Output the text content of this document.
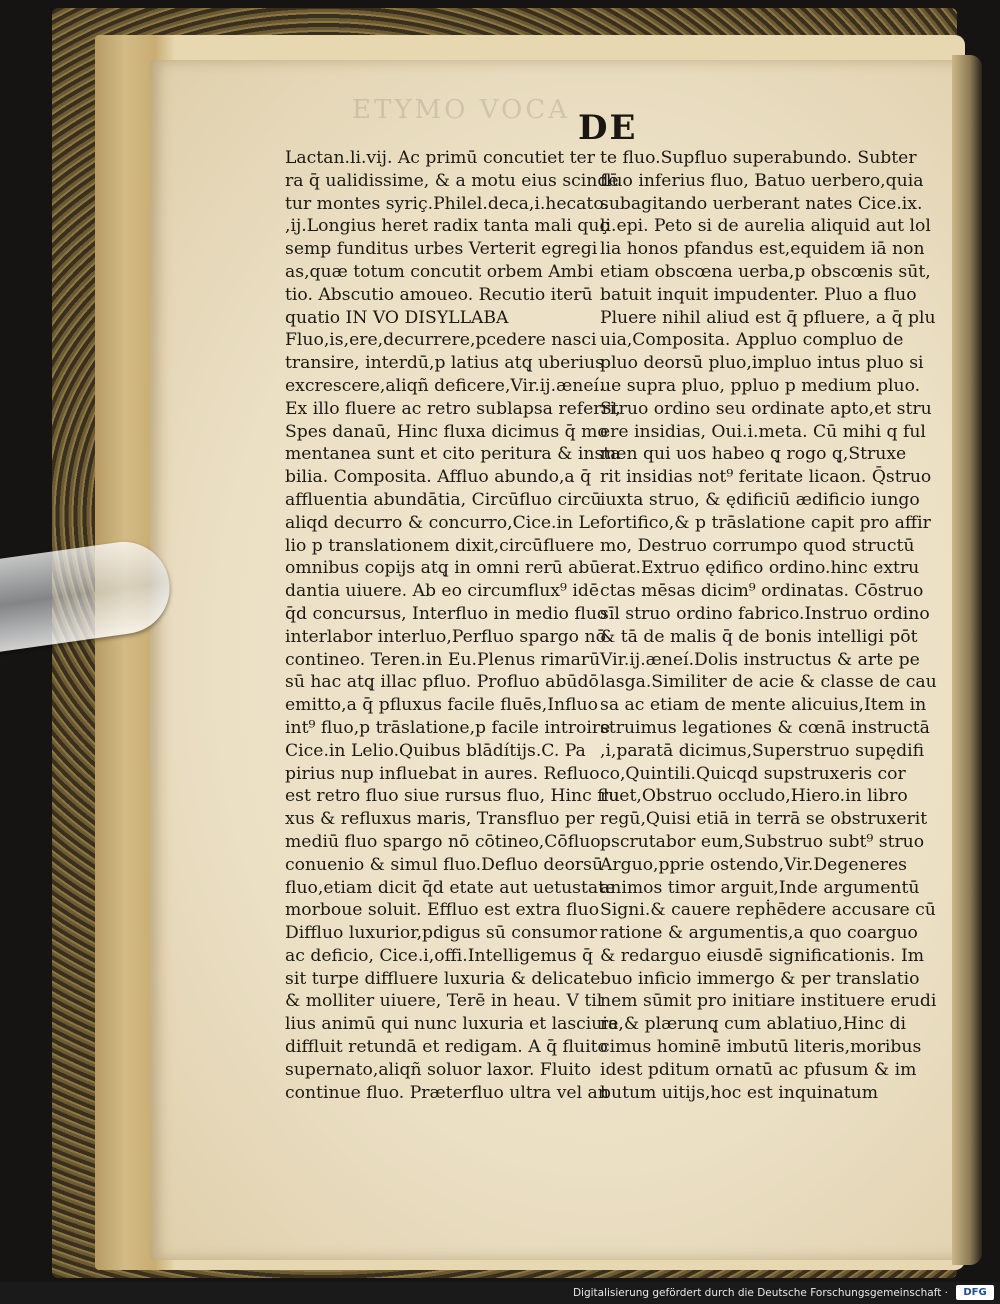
ETYMO VOCA DE
Lactan.li.vij. Ac primū concutiet ter
ra q̄ ualidissime, & a motu eius scindē
tur montes syriç.Philel.deca,i.hecato.
,ij.Longius heret radix tanta mali quç
semp funditus urbes Verterit egregi
as,quæ totum concutit orbem Ambi
tio. Abscutio amoueo. Recutio iterū
quatio IN VO DISYLLABA
Fluo,is,ere,decurrere,pcedere nasci
transire, interdū,p latius atq̨ uberius
excrescere,aliqñ deficere,Vir.ij.æneí.
Ex illo fluere ac retro sublapsa referri,
Spes danaū, Hinc fluxa dicimus q̄ mo
mentanea sunt et cito peritura & insta
bilia. Composita. Affluo abundo,a q̄
affluentia abundātia, Circūfluo circū
aliqd decurro & concurro,Cice.in Le
lio p translationem dixit,circūfluere
omnibus copijs atq̨ in omni rerū abū
dantia uiuere. Ab eo circumflux⁹ idē
q̄d concursus, Interfluo in medio fluo
interlabor interluo,Perfluo spargo nō
contineo. Teren.in Eu.Plenus rimarū
sū hac atq̨ illac pfluo. Profluo abūdō
emitto,a q̄ pfluxus facile fluēs,Influo
int⁹ fluo,p trāslatione,p facile introire
Cice.in Lelio.Quibus blādítijs.C. Pa
pirius nup influebat in aures. Refluo
est retro fluo siue rursus fluo, Hinc flu
xus & refluxus maris, Transfluo per
mediū fluo spargo nō cōtineo,Cōfluo
conuenio & simul fluo.Defluo deorsū
fluo,etiam dicit q̄d etate aut uetustate
morboue soluit. Effluo est extra fluo
Diffluo luxurior,pdigus sū consumor
ac deficio, Cice.i,offi.Intelligemus q̄
sit turpe diffluere luxuria & delicate
& molliter uiuere, Terē in heau. V til
lius animū qui nunc luxuria et lasciuia
diffluit retundā et redigam. A q̄ fluito
supernato,aliqñ soluor laxor. Fluito
continue fluo. Præterfluo ultra vel an
te fluo.Supfluo superabundo. Subter
fluo inferius fluo, Batuo uerbero,quia
subagitando uerberant nates Cice.ix.
li.epi. Peto si de aurelia aliquid aut lol
lia honos pfandus est,equidem iā non
etiam obscœna uerba,p obscœnis sūt,
batuit inquit impudenter. Pluo a fluo
Pluere nihil aliud est q̄ pfluere, a q̄ plu
uia,Composita. Appluo compluo de
pluo deorsū pluo,impluo intus pluo si
ue supra pluo, ppluo p medium pluo.
Struo ordino seu ordinate apto,et stru
ere insidias, Oui.i.meta. Cū mihi q ful
men qui uos habeo q̨ rogo q̨,Struxe
rit insidias not⁹ feritate licaon. Q̄struo
iuxta struo, & ędificiū ædificio iungo
fortifico,& p trāslatione capit pro affir
mo, Destruo corrumpo quod structū
erat.Extruo ędifico ordino.hinc extru
ctas mēsas dicim⁹ ordinatas. Cōstruo
sīl struo ordino fabrico.Instruo ordino
& tā de malis q̄ de bonis intelligi pōt
Vir.ij.æneí.Dolis instructus & arte pe
lasga.Similiter de acie & classe de cau
sa ac etiam de mente alicuius,Item in
struimus legationes & cœnā instructā
,i,paratā dicimus,Superstruo supędifi
co,Quintili.Quicqd supstruxeris cor
ruet,Obstruo occludo,Hiero.in libro
regū,Quisi etiā in terrā se obstruxerit
pscrutabor eum,Substruo subt⁹ struo
Arguo,pprie ostendo,Vir.Degeneres
animos timor arguit,Inde argumentū
Signi.& cauere repḣēdere accusare cū
ratione & argumentis,a quo coarguo
& redarguo eiusdē significationis. Im
buo inficio immergo & per translatio
nem sūmit pro initiare instituere erudi
re,& plærunq̨ cum ablatiuo,Hinc di
cimus hominē imbutū literis,moribus
idest pditum ornatū ac pfusum & im
butum uitijs,hoc est inquinatum
Digitalisierung gefördert durch die Deutsche Forschungsgemeinschaft ·	DFG
